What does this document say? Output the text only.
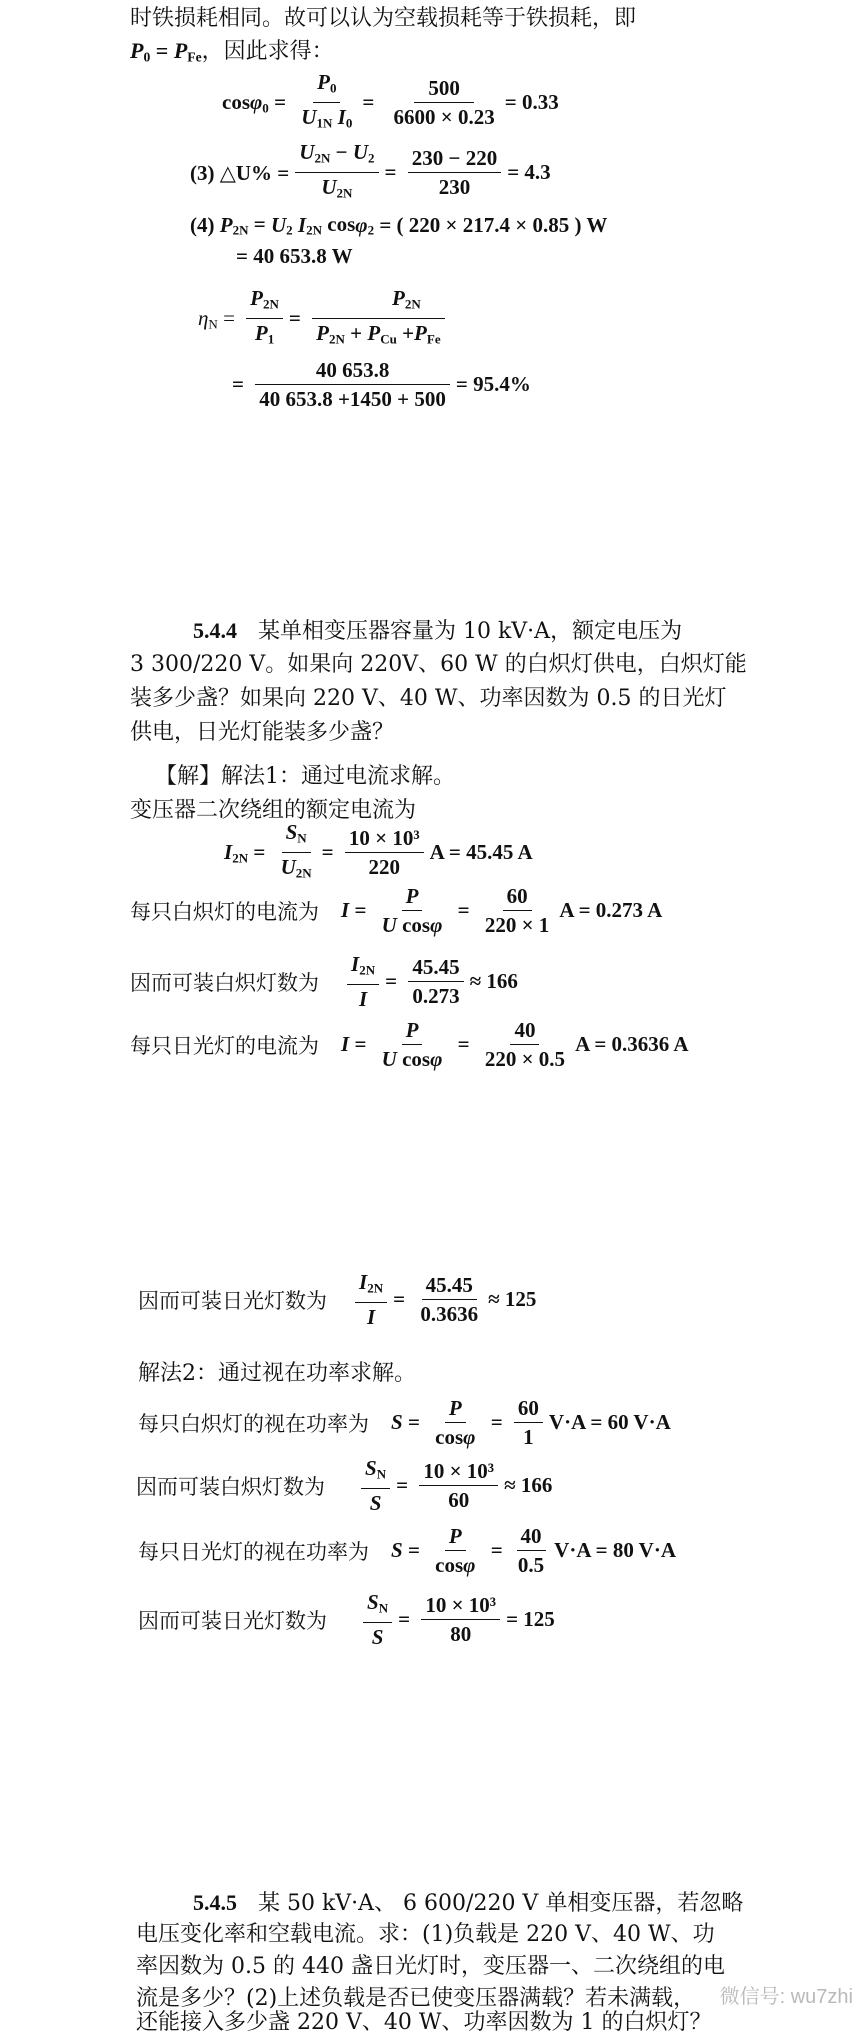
时铁损耗相同。故可以认为空载损耗等于铁损耗，即
$P_0 = P_{Fe}$，因此求得：
cos φ $_0 = \frac{P_0}{U_{1N} I_0} = \frac{500}{6600 \times 0.23} = 0.33$
(3) △U% = $\frac{U_{2N} - U_2}{U_{2N}} = \frac{230 - 220}{230} = 4.3$
(4)
P $_{2N}$ = U $_2$ I $_{2N}$ cos φ $_2$ = ( 220 × 217.4 × 0.85 ) W
= 40 653.8 W
η $_N = \frac{P_{2N}}{P_1} = \frac{P_{2N}}{P_{2N} + P_{Cu} +P_{Fe}}$
= $\frac{40 653.8}{40 653.8 +1450 + 500} = 95.4\%$
5.4.4 某单相变压器容量为 10 kV·A，额定电压为
3 300/220 V。如果向 220V、60 W 的白炽灯供电，白炽灯能
装多少盏？如果向 220 V、40 W、功率因数为 0.5 的日光灯
供电，日光灯能装多少盏？
【解】解法1：通过电流求解。
变压器二次绕组的额定电流为
I $_{2N} = \frac{S_N}{U_{2N}} = \frac{\text{10 × 10³}}{220}$ A = 45.45 A
每只白炽灯的电流为 $I = \frac{P}{\text{U cosφ}} = \frac{60}{220 \times 1}$ A = 0.273 A
因而可装白炽灯数为 $\frac{I_{2N}}{I} = \frac{45.45}{0.273} \approx 166$
每只日光灯的电流为 $I = \frac{P}{\text{U cosφ}} = \frac{40}{220 \times 0.5}$ A = 0.3636 A
因而可装日光灯数为 $\frac{I_{2N}}{I} = \frac{45.45}{0.3636} \approx 125$
解法2：通过视在功率求解。
每只白炽灯的视在功率为 $S = \frac{P}{\cos\varphi} = \frac{60}{1} V\cdot A = 60$ V·A
因而可装白炽灯数为 $\frac{S_N}{S} = \frac{\text{10 × 10³}}{60} \approx 166$
每只日光灯的视在功率为 $S = \frac{P}{\cos\varphi} = \frac{40}{0.5} V\cdot A = 80$ V·A
因而可装日光灯数为 $\frac{S_N}{S} = \frac{\text{10 × 10³}}{80} = 125$
5.4.5 某 50 kV·A、 6 600/220 V 单相变压器，若忽略
电压变化率和空载电流。求：(1)负载是 220 V、40 W、功
率因数为 0.5 的 440 盏日光灯时，变压器一、二次绕组的电
流是多少？(2)上述负载是否已使变压器满载？若未满载，
还能接入多少盏 220 V、40 W、功率因数为 1 的白炽灯？
微信号: wu7zhi
